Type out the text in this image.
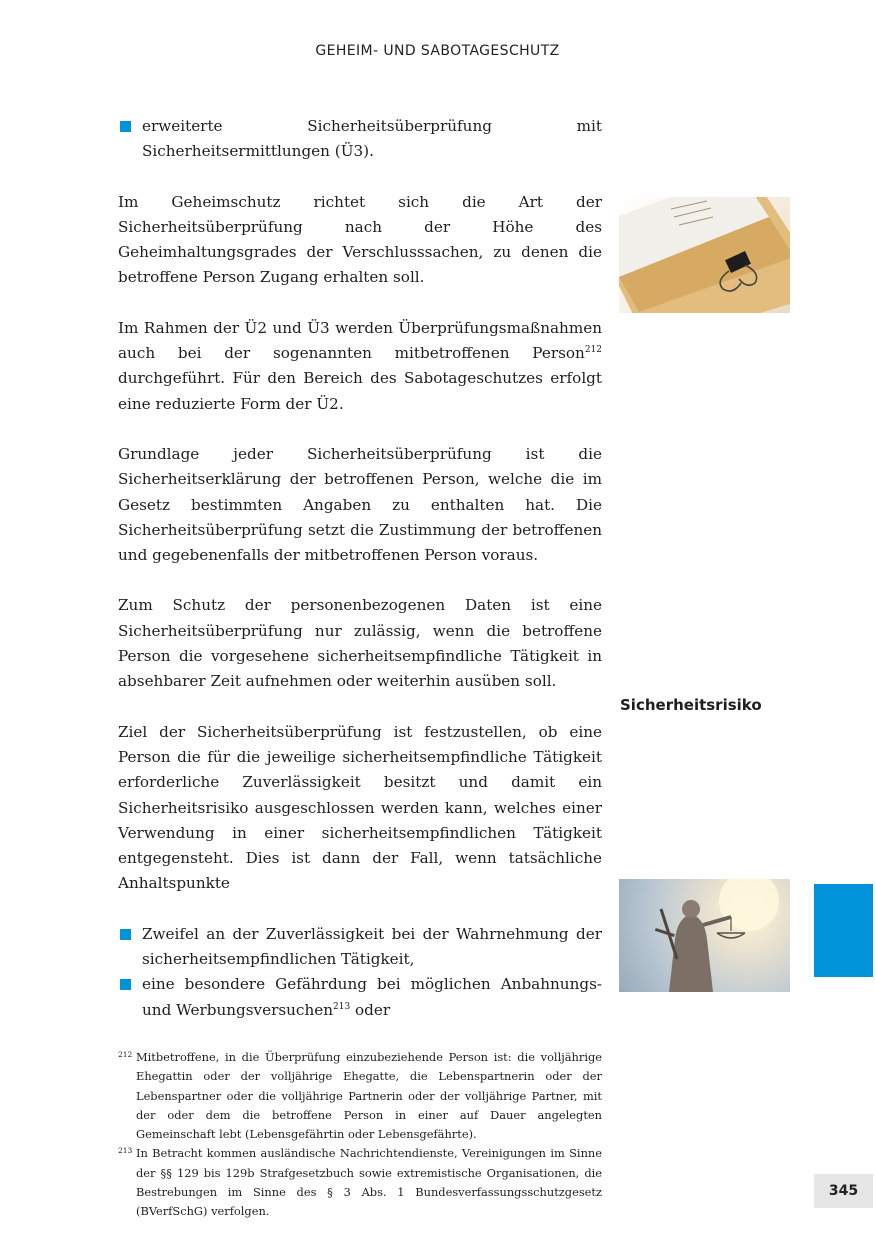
GEHEIM- UND SABOTAGESCHUTZ
erweiterte Sicherheitsüberprüfung mit Sicherheitsermittlungen (Ü3).

Im Geheimschutz richtet sich die Art der Sicherheitsüberprüfung nach der Höhe des Geheimhaltungsgrades der Verschlusssachen, zu denen die betroffene Person Zugang erhalten soll.

Im Rahmen der Ü2 und Ü3 werden Überprüfungsmaßnahmen auch bei der sogenannten mitbetroffenen Person$^{212}$ durchgeführt. Für den Bereich des Sabotageschutzes erfolgt eine reduzierte Form der Ü2.

Grundlage jeder Sicherheitsüberprüfung ist die Sicherheitserklärung der betroffenen Person, welche die im Gesetz bestimmten Angaben zu enthalten hat. Die Sicherheitsüberprüfung setzt die Zustimmung der betroffenen und gegebenenfalls der mitbetroffenen Person voraus.

Zum Schutz der personenbezogenen Daten ist eine Sicherheitsüberprüfung nur zulässig, wenn die betroffene Person die vorgesehene sicherheitsempfindliche Tätigkeit in absehbarer Zeit aufnehmen oder weiterhin ausüben soll.

Ziel der Sicherheitsüberprüfung ist festzustellen, ob eine Person die für die jeweilige sicherheitsempfindliche Tätigkeit erforderliche Zuverlässigkeit besitzt und damit ein Sicherheitsrisiko ausgeschlossen werden kann, welches einer Verwendung in einer sicherheitsempfindlichen Tätigkeit entgegensteht. Dies ist dann der Fall, wenn tatsächliche Anhaltspunkte

Zweifel an der Zuverlässigkeit bei der Wahrnehmung der sicherheitsempfindlichen Tätigkeit,
eine besondere Gefährdung bei möglichen Anbahnungs- und Werbungsversuchen$^{213}$ oder
212 Mitbetroffene, in die Überprüfung einzubeziehende Person ist: die volljährige Ehegattin oder der volljährige Ehegatte, die Lebenspartnerin oder der Lebenspartner oder die volljährige Partnerin oder der volljährige Partner, mit der oder dem die betroffene Person in einer auf Dauer angelegten Gemeinschaft lebt (Lebensgefährtin oder Lebensgefährte).
213 In Betracht kommen ausländische Nachrichtendienste, Vereinigungen im Sinne der §§ 129 bis 129b Strafgesetzbuch sowie extremistische Organisationen, die Bestrebungen im Sinne des § 3 Abs. 1 Bundesverfassungsschutzgesetz (BVerfSchG) verfolgen.
Sicherheitsrisiko
345
